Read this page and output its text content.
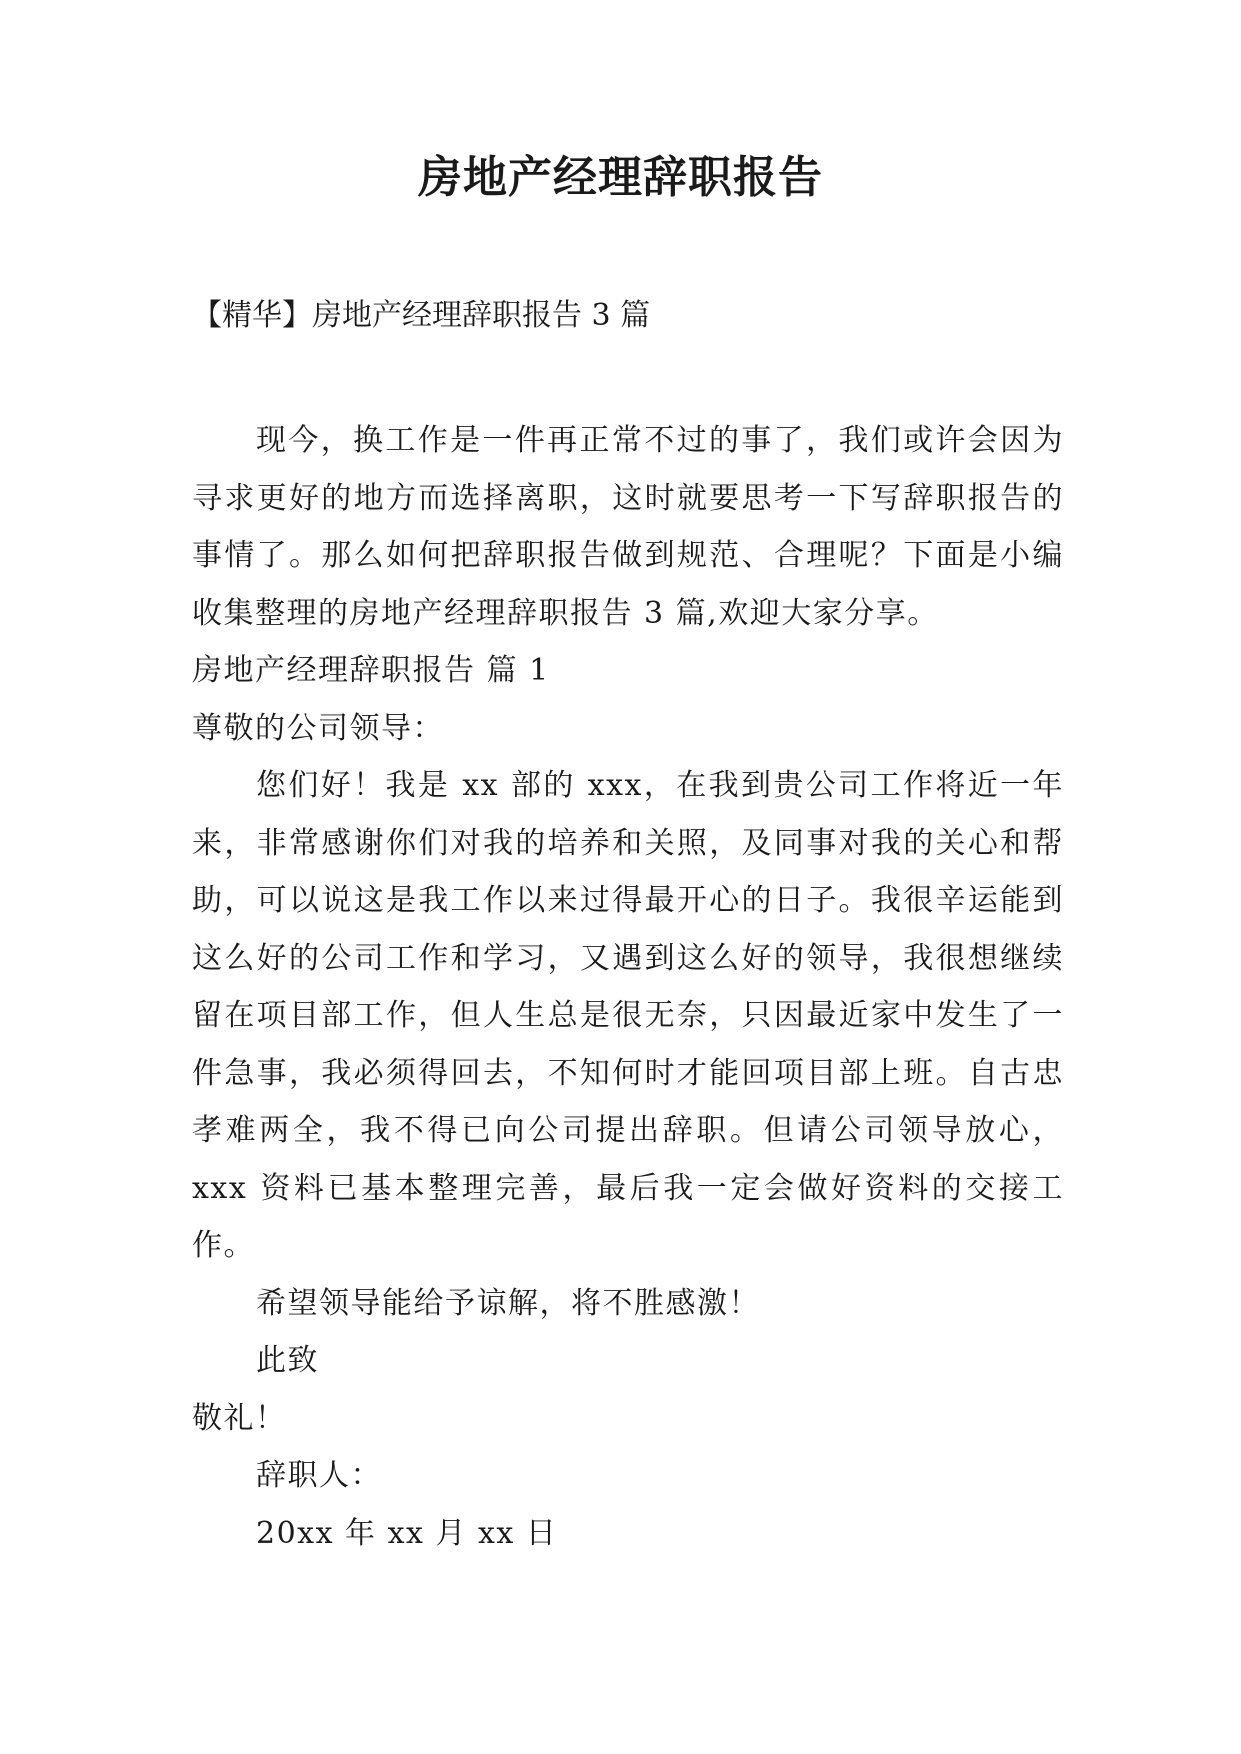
房地产经理辞职报告
【精华】房地产经理辞职报告 3 篇

现今，换工作是一件再正常不过的事了，我们或许会因为寻求更好的地方而选择离职，这时就要思考一下写辞职报告的事情了。那么如何把辞职报告做到规范、合理呢？下面是小编收集整理的房地产经理辞职报告 3 篇,欢迎大家分享。

房地产经理辞职报告 篇 1

尊敬的公司领导：

您们好！我是 xx 部的 xxx，在我到贵公司工作将近一年来，非常感谢你们对我的培养和关照，及同事对我的关心和帮助，可以说这是我工作以来过得最开心的日子。我很辛运能到这么好的公司工作和学习，又遇到这么好的领导，我很想继续留在项目部工作，但人生总是很无奈，只因最近家中发生了一件急事，我必须得回去，不知何时才能回项目部上班。自古忠孝难两全，我不得已向公司提出辞职。但请公司领导放心，xxx 资料已基本整理完善，最后我一定会做好资料的交接工作。

希望领导能给予谅解，将不胜感激！

此致

敬礼！

辞职人：

20xx 年 xx 月 xx 日
